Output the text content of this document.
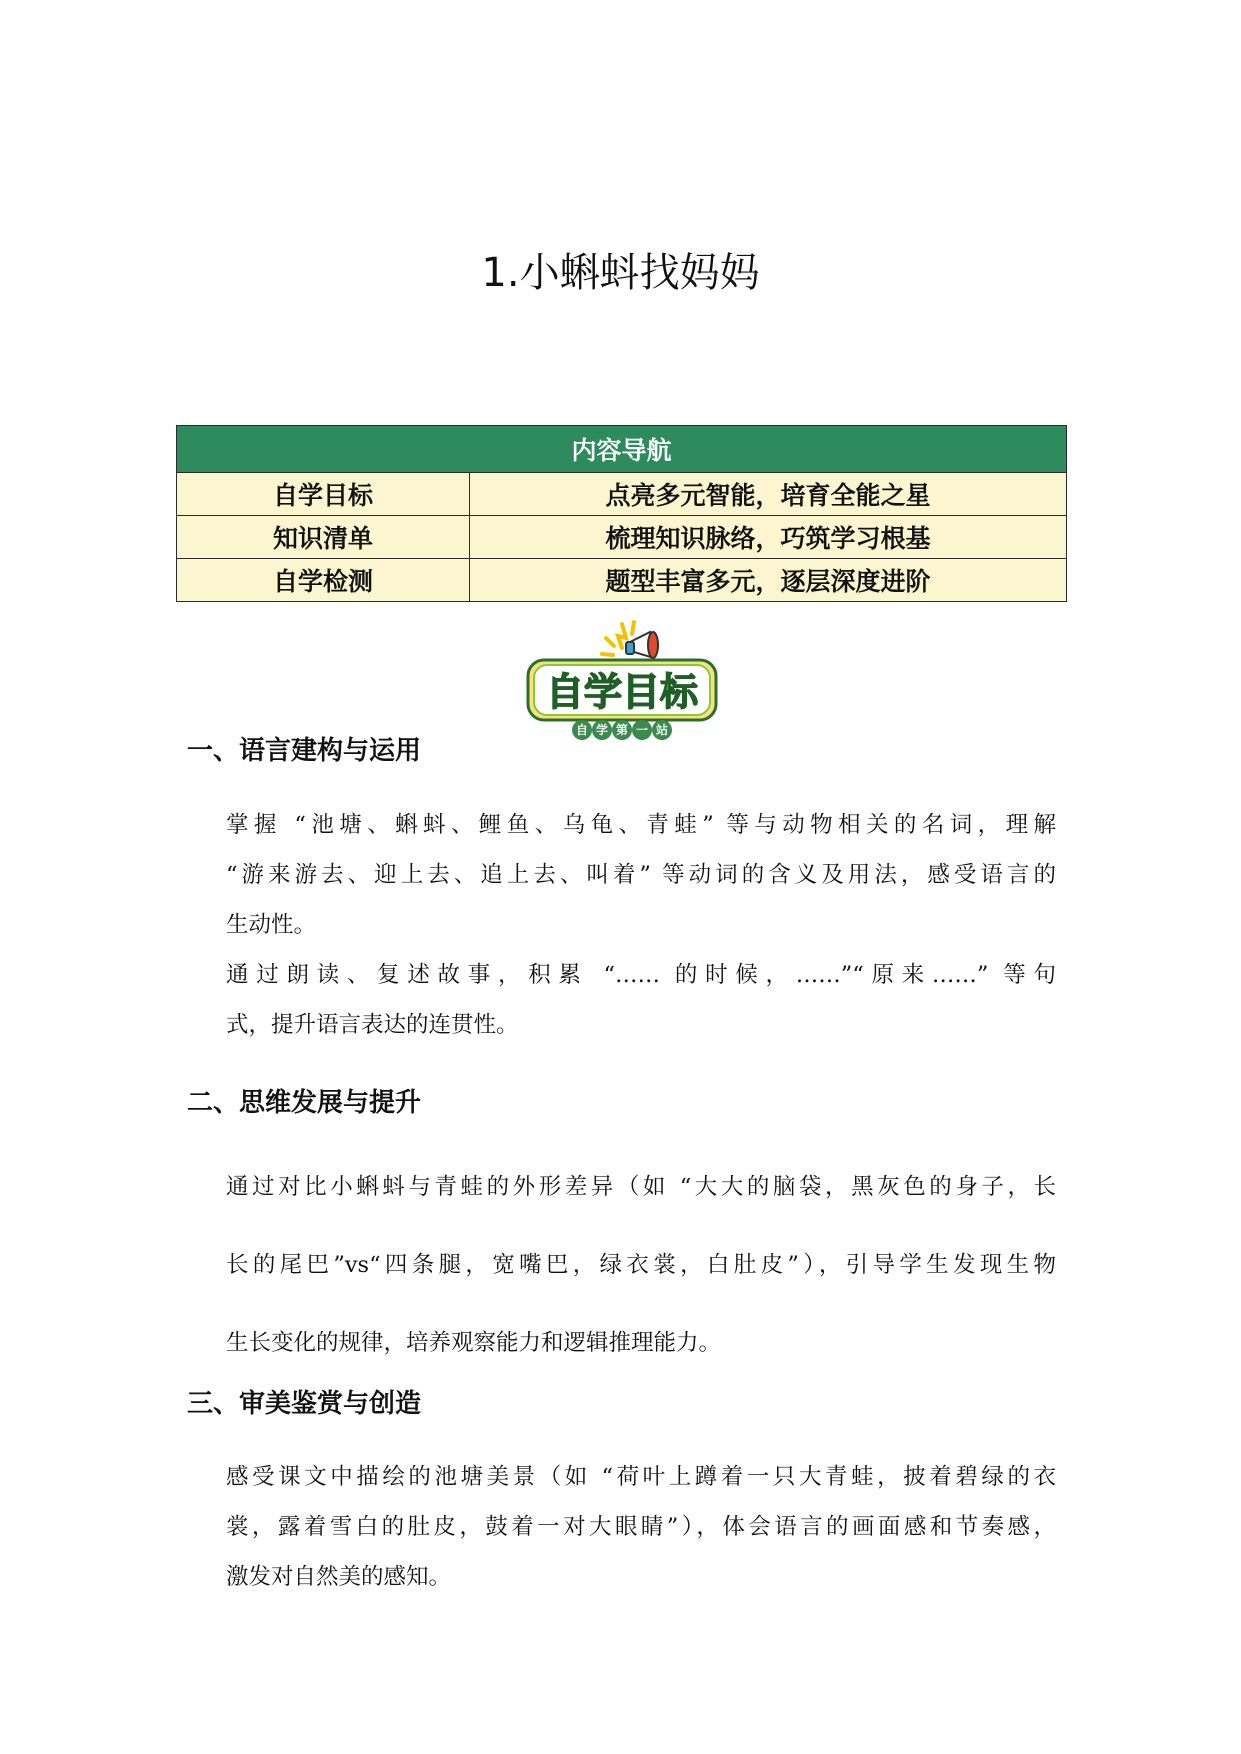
1.小蝌蚪找妈妈
内容导航	
自学目标	点亮多元智能，培育全能之星
知识清单	梳理知识脉络，巧筑学习根基
自学检测	题型丰富多元，逐层深度进阶
自学目标
自 学 第 一 站
一、语言建构与运用
掌握 “池塘、蝌蚪、鲤鱼、乌龟、青蛙” 等与动物相关的名词，理解
“游来游去、迎上去、追上去、叫着” 等动词的含义及用法，感受语言的
生动性。
通过朗读、复述故事，积累 “…… 的时候，……”“原来……” 等句
式，提升语言表达的连贯性。
二、思维发展与提升
通过对比小蝌蚪与青蛙的外形差异（如 “大大的脑袋，黑灰色的身子，长
长的尾巴”vs“四条腿，宽嘴巴，绿衣裳，白肚皮”），引导学生发现生物
生长变化的规律，培养观察能力和逻辑推理能力。
三、审美鉴赏与创造
感受课文中描绘的池塘美景（如 “荷叶上蹲着一只大青蛙，披着碧绿的衣
裳，露着雪白的肚皮，鼓着一对大眼睛”），体会语言的画面感和节奏感，
激发对自然美的感知。
